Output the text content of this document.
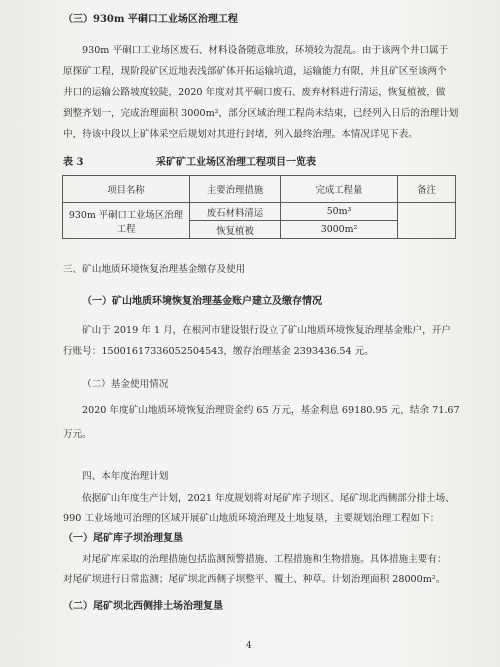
（三）930m 平硐口工业场区治理工程
930m 平硐口工业场区废石、材料设备随意堆放，环境较为混乱。由于该两个井口属于
原探矿工程，现阶段矿区近地表浅部矿体开拓运输坑道，运输能力有限，并且矿区至该两个
井口的运输公路坡度较陡，2020 年度对其平硐口废石、废弃材料进行清运，恢复植被，做
到整齐划一，完成治理面积 3000m²，部分区域治理工程尚未结束，已经列入日后的治理计划
中，待该中段以上矿体采空后规划对其进行封堵，列入最终治理。本情况详见下表。
表 3	采矿矿工业场区治理工程项目一览表
项目名称	主要治理措施	完成工程量	备注
930m 平硐口工业场区治理工程	废石材料清运	50m³	
	恢复植被	3000m²	
三、矿山地质环境恢复治理基金缴存及使用
（一）矿山地质环境恢复治理基金账户建立及缴存情况
矿山于 2019 年 1 月，在根河市建设银行设立了矿山地质环境恢复治理基金账户，开户
行账号：15001617336052504543，缴存治理基金 2393436.54 元。
（二）基金使用情况
2020 年度矿山地质环境恢复治理资金约 65 万元，基金利息 69180.95 元，结余 71.67
万元。
四、本年度治理计划
依据矿山年度生产计划，2021 年度规划将对尾矿库子坝区、尾矿坝北西侧部分排土场、
990 工业场地可治理的区域开展矿山地质环境治理及土地复垦，主要规划治理工程如下：
（一）尾矿库子坝治理复垦
对尾矿库采取的治理措施包括监测预警措施、工程措施和生物措施。具体措施主要有：
对尾矿坝进行日常监测；尾矿坝北西侧子坝整平、覆土、种草。计划治理面积 28000m²。
（二）尾矿坝北西侧排土场治理复垦
4
